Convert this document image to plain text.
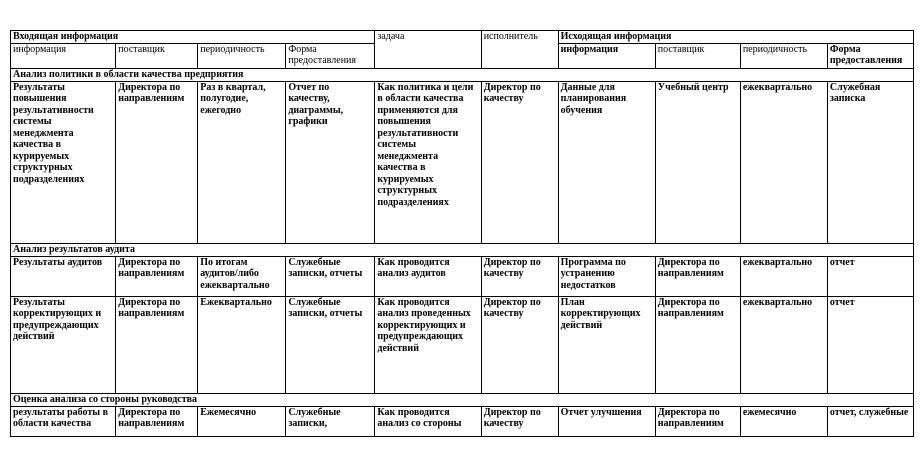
Входящая информация				задача	исполнитель	Исходящая информация			
информация	поставщик	периодичность	Форма предоставления			информация	поставщик	периодичность	Форма предоставления
Анализ политики в области качества предприятия									
Результаты повышения результативности системы менеджмента качества в курируемых структурных подразделениях	Директора по направлениям	Раз в квартал, полугодие, ежегодно	Отчет по качеству, диаграммы, графики	Как политика и цели в области качества применяются для повышения результативности системы менеджмента качества в курируемых структурных подразделениях	Директор по качеству	Данные для планирования обучения	Учебный центр	ежеквартально	Служебная записка
Анализ результатов аудита									
Результаты аудитов	Директора по направлениям	По итогам аудитов/либо ежеквартально	Служебные записки, отчеты	Как проводится анализ аудитов	Директор по качеству	Программа по устранению недостатков	Директора по направлениям	ежеквартально	отчет
Результаты корректирующих и предупреждающих действий	Директора по направлениям	Ежеквартально	Служебные записки, отчеты	Как проводится анализ проведенных корректирующих и предупреждающих действий	Директор по качеству	План корректирующих действий	Директора по направлениям	ежеквартально	отчет
Оценка анализа со стороны руководства									
результаты работы в области качества	Директора по направлениям	Ежемесячно	Служебные записки,	Как проводится анализ со стороны	Директор по качеству	Отчет улучшения	Директора по направлениям	ежемесячно	отчет, служебные
